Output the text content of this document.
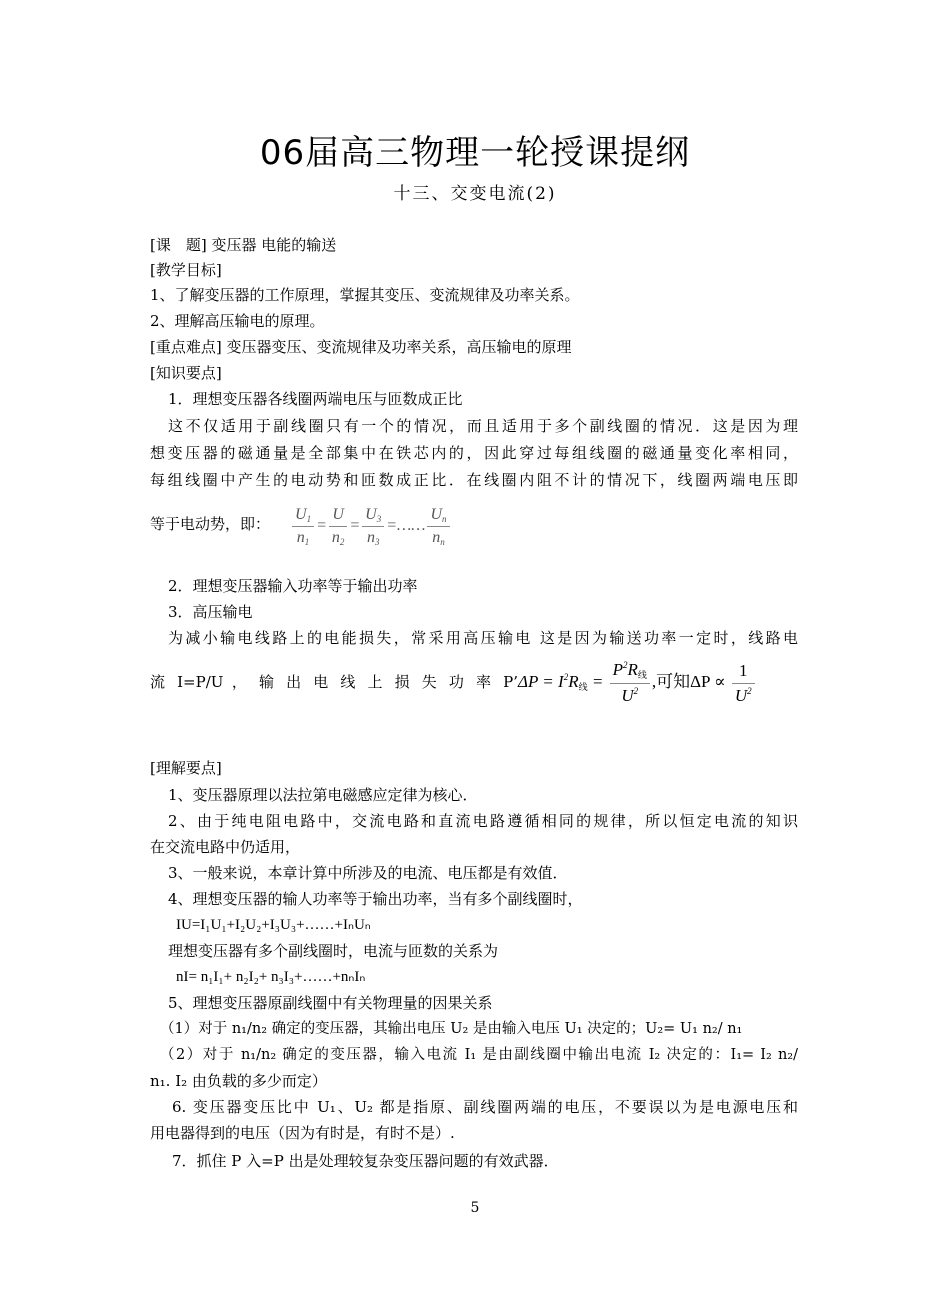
06届高三物理一轮授课提纲
十三、交变电流(2)
[课　题] 变压器 电能的输送
[教学目标]
1、了解变压器的工作原理，掌握其变压、变流规律及功率关系。
2、理解高压输电的原理。
[重点难点] 变压器变压、变流规律及功率关系，高压输电的原理
[知识要点]
1．理想变压器各线圈两端电压与匝数成正比
这不仅适用于副线圈只有一个的情况，而且适用于多个副线圈的情况．这是因为理
想变压器的磁通量是全部集中在铁芯内的，因此穿过每组线圈的磁通量变化率相同，
每组线圈中产生的电动势和匝数成正比．在线圈内阻不计的情况下，线圈两端电压即
等于电动势，即： $\frac{U_1}{n_1} = \frac{U}{n_2} = \frac{U_3}{n_3}$ =…… $\frac{U_n}{n_n}$
2．理想变压器输入功率等于输出功率
3．高压输电
为减小输电线路上的电能损失，常采用高压输电 这是因为输送功率一定时，线路电
流 I=P/U ， 输 出 电 线 上 损 失 功 率 P’ $\Delta P = I^2R_线 = \frac{P^2R_线}{U^2}$ ,可知$\Delta P \propto \frac{1}{U^2}$
[理解要点]
1、变压器原理以法拉第电磁感应定律为核心．
2、由于纯电阻电路中，交流电路和直流电路遵循相同的规律，所以恒定电流的知识
在交流电路中仍适用，
3、一般来说，本章计算中所涉及的电流、电压都是有效值．
4、理想变压器的输人功率等于输出功率，当有多个副线圈时，
IU=I₁U₁+I₂U₂+I₃U₃+……+IₙUₙ
理想变压器有多个副线圈时，电流与匝数的关系为
nI= n₁I₁+ n₂I₂+ n₃I₃+……+nₙIₙ
5、理想变压器原副线圈中有关物理量的因果关系
（1）对于 n₁/n₂ 确定的变压器，其输出电压 U₂ 是由输入电压 U₁ 决定的；U₂= U₁ n₂/ n₁
（2）对于 n₁/n₂ 确定的变压器，输入电流 I₁ 是由副线圈中输出电流 I₂ 决定的：I₁= I₂ n₂/
n₁. I₂ 由负载的多少而定）
6. 变压器变压比中 U₁、U₂ 都是指原、副线圈两端的电压，不要误以为是电源电压和
用电器得到的电压（因为有时是，有时不是）.
7．抓住 P 入=P 出是处理较复杂变压器问题的有效武器．
5
